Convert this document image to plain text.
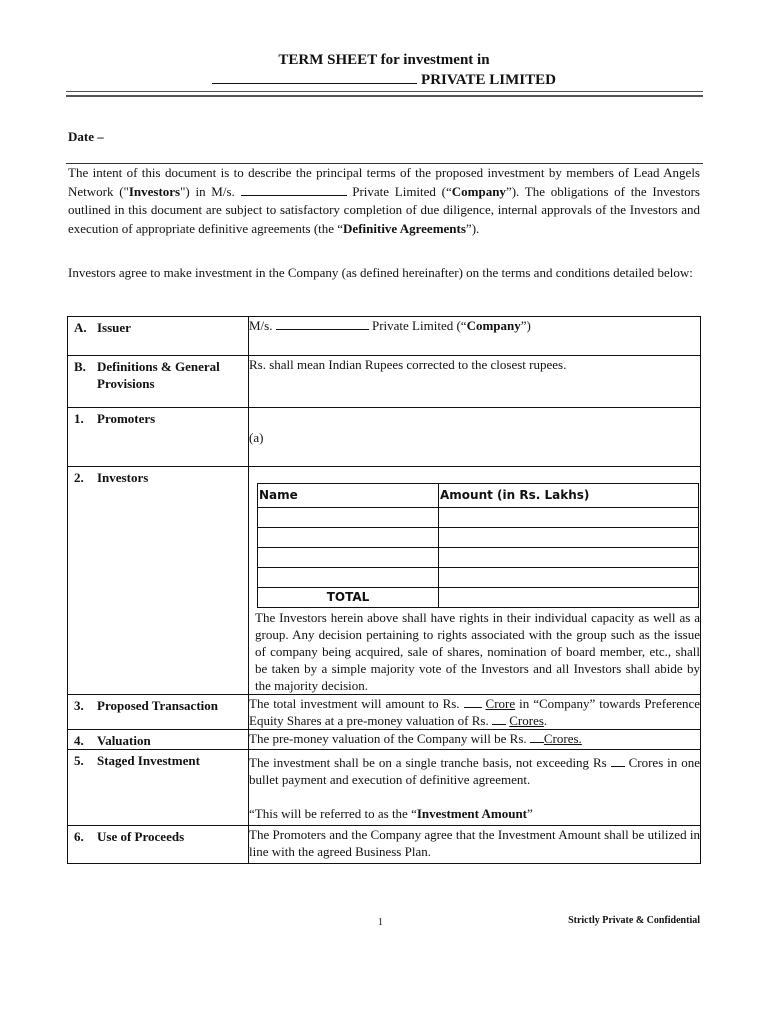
TERM SHEET for investment in
PRIVATE LIMITED
Date –
The intent of this document is to describe the principal terms of the proposed investment by members of Lead Angels Network ("Investors") in M/s.	Private Limited (“Company”). The obligations of the Investors outlined in this document are subject to satisfactory completion of due diligence, internal approvals of the Investors and execution of appropriate definitive agreements (the “Definitive Agreements”).
Investors agree to make investment in the Company (as defined hereinafter) on the terms and conditions detailed below:
A. Issuer	M/s.	Private Limited (“Company”)

B. Definitions & General Provisions
	Rs. shall mean Indian Rupees corrected to the closest rupees.

1.	Promoters
	(a)

2.	Investors

Name	Amount (in Rs. Lakhs)

TOTAL	
The Investors herein above shall have rights in their individual capacity as well as a group. Any decision pertaining to rights associated with the group such as the issue of company being acquired, sale of shares, nomination of board member, etc., shall be taken by a simple majority vote of the Investors and all Investors shall abide by the majority decision.

3.	Proposed Transaction	The total investment will amount to Rs.  Crore in “Company” towards Preference Equity Shares at a pre-money valuation of Rs.  Crores.

4.	Valuation	The pre-money valuation of the Company will be Rs. Crores.

5.	Staged Investment	The investment shall be on a single tranche basis, not exceeding Rs  Crores in one bullet payment and execution of definitive agreement.
“This will be referred to as the “Investment Amount”

6.	Use of Proceeds	The Promoters and the Company agree that the Investment Amount shall be utilized in line with the agreed Business Plan.
1	Strictly Private & Confidential
